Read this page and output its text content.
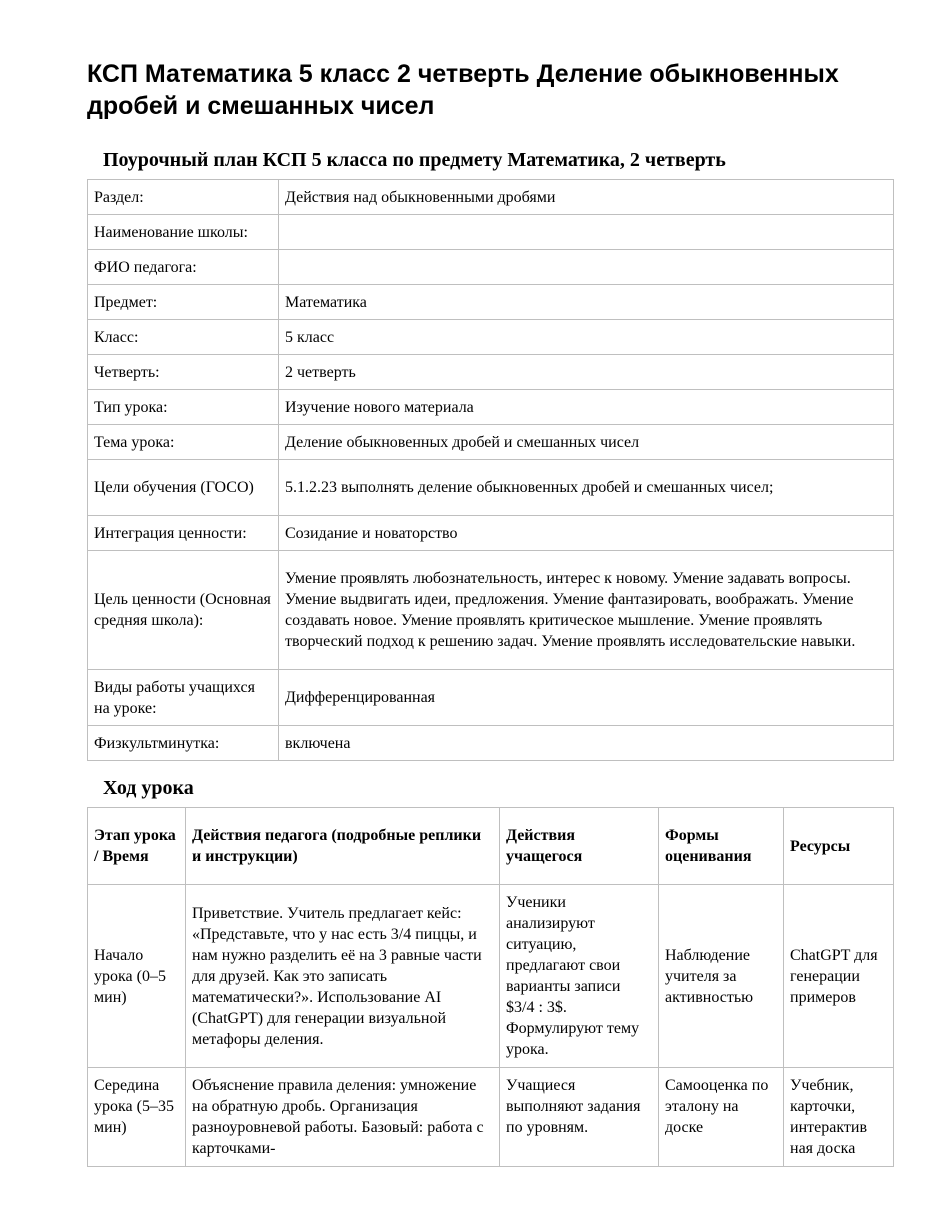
КСП Математика 5 класс 2 четверть Деление обыкновенных дробей и смешанных чисел
Поурочный план КСП 5 класса по предмету Математика, 2 четверть
Раздел:	Действия над обыкновенными дробями
Наименование школы:	
ФИО педагога:	
Предмет:	Математика
Класс:	5 класс
Четверть:	2 четверть
Тип урока:	Изучение нового материала
Тема урока:	Деление обыкновенных дробей и смешанных чисел
Цели обучения (ГОСО)	5.1.2.23 выполнять деление обыкновенных дробей и смешанных чисел;
Интеграция ценности:	Созидание и новаторство
Цель ценности (Основная средняя школа):	Умение проявлять любознательность, интерес к новому. Умение задавать вопросы. Умение выдвигать идеи, предложения. Умение фантазировать, воображать. Умение создавать новое. Умение проявлять критическое мышление. Умение проявлять творческий подход к решению задач. Умение проявлять исследовательские навыки.
Виды работы учащихся на уроке:	Дифференцированная
Физкультминутка:	включена
Ход урока
Этап урока / Время	Действия педагога (подробные реплики и инструкции)	Действия учащегося	Формы оценивания	Ресурсы
Начало урока (0–5 мин)	Приветствие. Учитель предлагает кейс: «Представьте, что у нас есть 3/4 пиццы, и нам нужно разделить её на 3 равные части для друзей. Как это записать математически?». Использование AI (ChatGPT) для генерации визуальной метафоры деления.	Ученики анализируют ситуацию, предлагают свои варианты записи $3/4 : 3$. Формулируют тему урока.	Наблюдение учителя за активностью	ChatGPT для генерации примеров
Середина урока (5–35 мин)	Объяснение правила деления: умножение на обратную дробь. Организация разноуровневой работы. Базовый: работа с карточками-	Учащиеся выполняют задания по уровням.	Самооценка по эталону на доске	Учебник, карточки, интерактив ная доска
